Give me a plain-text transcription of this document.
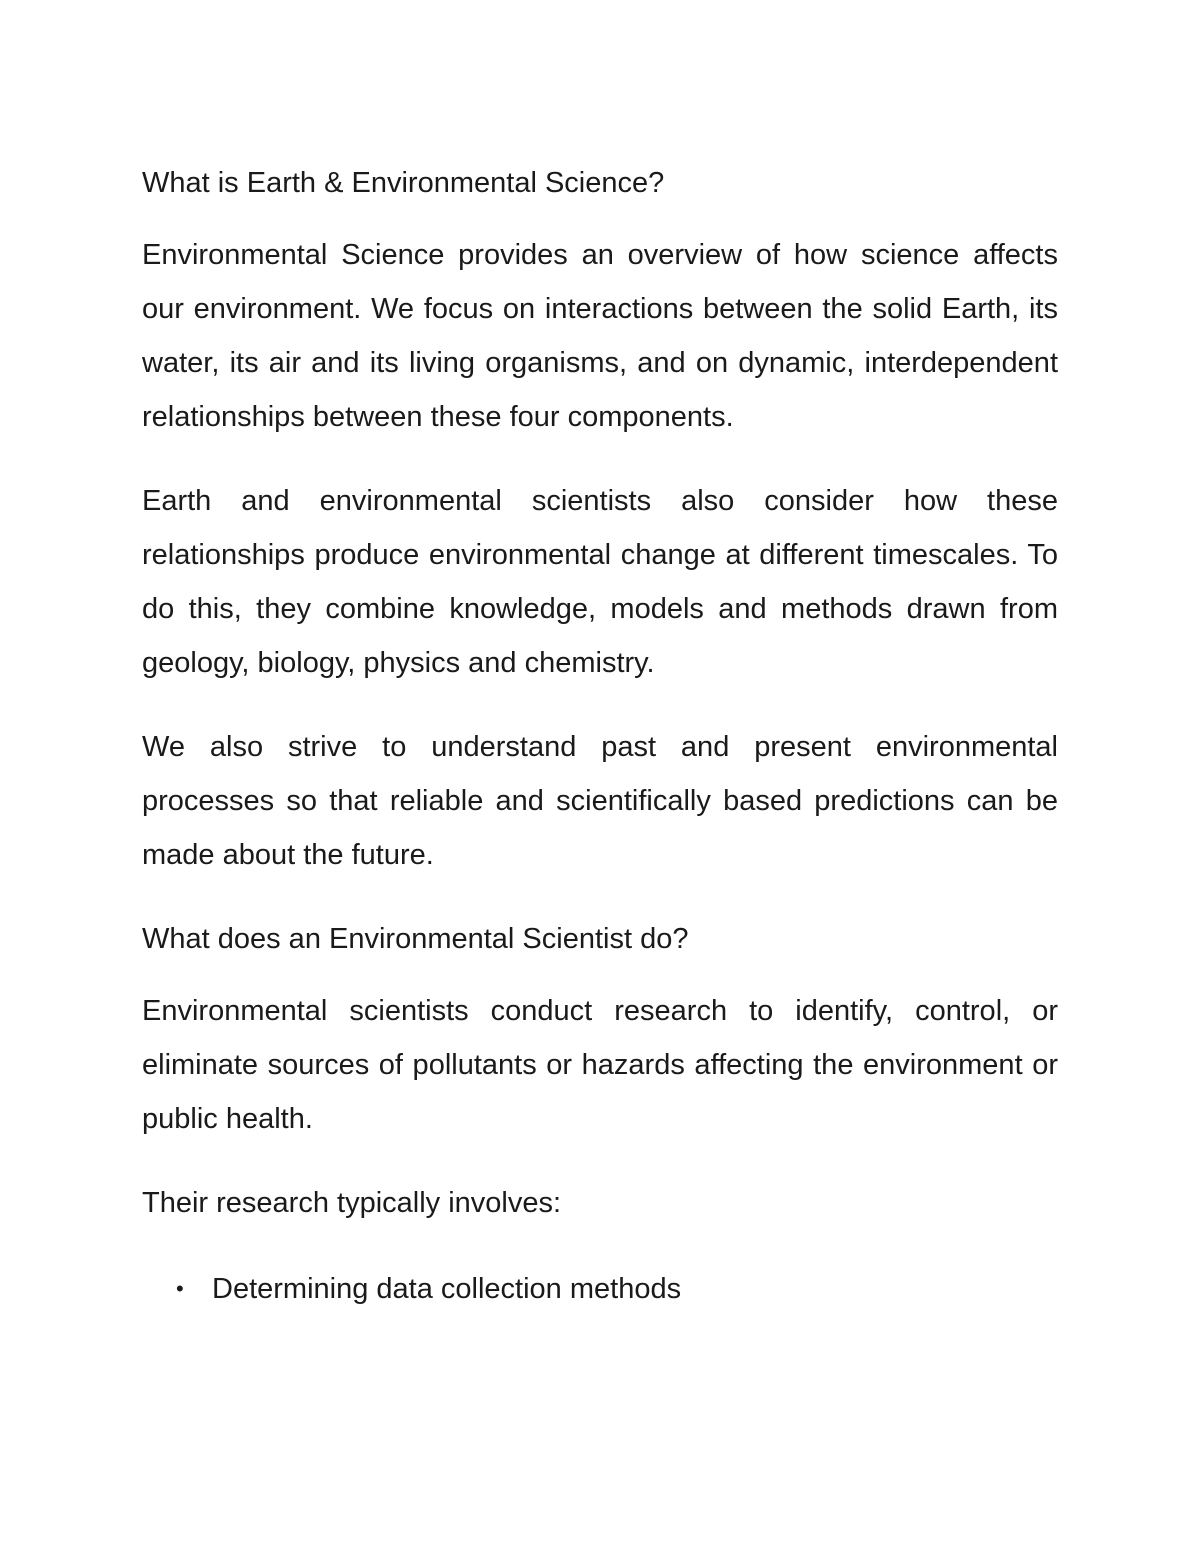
What is Earth & Environmental Science?

Environmental Science provides an overview of how science affects our environment. We focus on interactions between the solid Earth, its water, its air and its living organisms, and on dynamic, interdependent relationships between these four components.

Earth and environmental scientists also consider how these relationships produce environmental change at different timescales. To do this, they combine knowledge, models and methods drawn from geology, biology, physics and chemistry.

We also strive to understand past and present environmental processes so that reliable and scientifically based predictions can be made about the future.

What does an Environmental Scientist do?

Environmental scientists conduct research to identify, control, or eliminate sources of pollutants or hazards affecting the environment or public health.

Their research typically involves:

• Determining data collection methods
